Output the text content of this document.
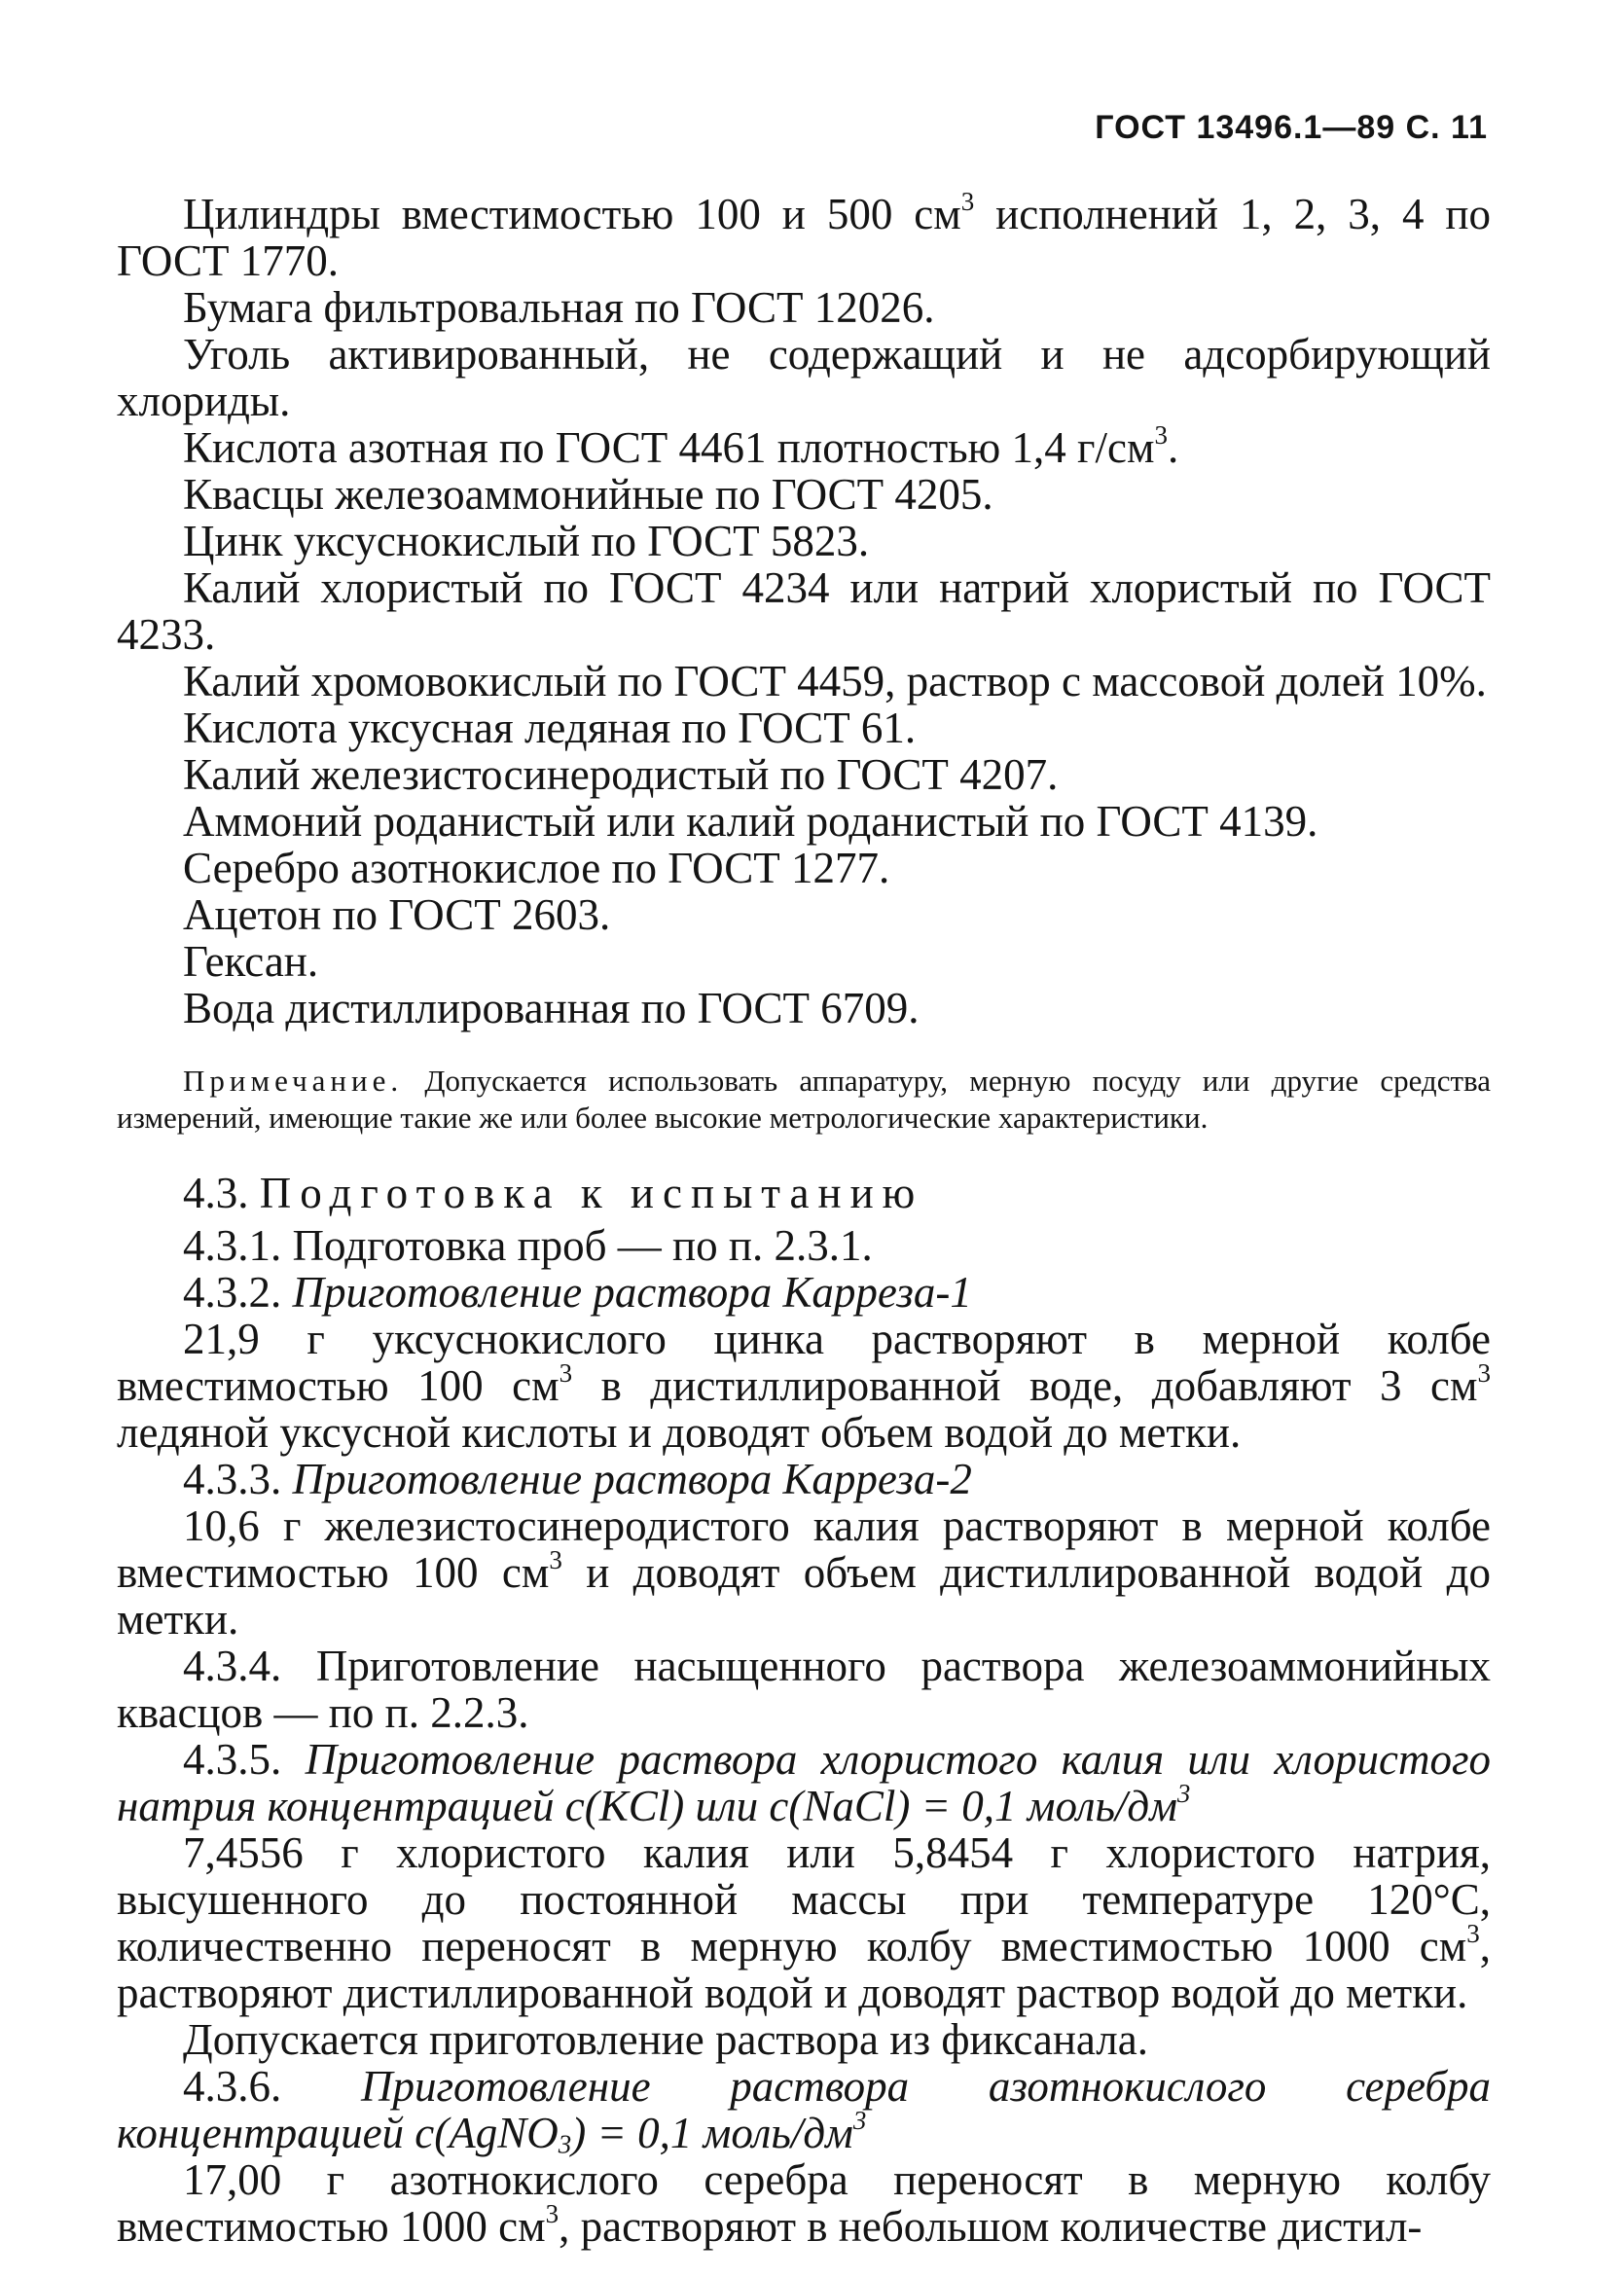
ГОСТ 13496.1—89 С. 11

Цилиндры вместимостью 100 и 500 $см^3$ исполнений 1, 2, 3, 4 по ГОСТ 1770.

Бумага фильтровальная по ГОСТ 12026.

Уголь активированный, не содержащий и не адсорбирующий хлориды.

Кислота азотная по ГОСТ 4461 плотностью 1,4 $г/см^3$.

Квасцы железоаммонийные по ГОСТ 4205.

Цинк уксуснокислый по ГОСТ 5823.

Калий хлористый по ГОСТ 4234 или натрий хлористый по ГОСТ 4233.

Калий хромовокислый по ГОСТ 4459, раствор с массовой долей 10%.

Кислота уксусная ледяная по ГОСТ 61.

Калий железистосинеродистый по ГОСТ 4207.

Аммоний роданистый или калий роданистый по ГОСТ 4139.

Серебро азотнокислое по ГОСТ 1277.

Ацетон по ГОСТ 2603.

Гексан.

Вода дистиллированная по ГОСТ 6709.

Примечание. Допускается использовать аппаратуру, мерную посуду или другие средства измерений, имеющие такие же или более высокие метрологические характеристики.

4.3. Подготовка к испытанию

4.3.1. Подготовка проб — по п. 2.3.1.

4.3.2. Приготовление раствора Карреза-1

21,9 г уксуснокислого цинка растворяют в мерной колбе вместимостью 100 $см^3$ в дистиллированной воде, добавляют 3 $см^3$ ледяной уксусной кислоты и доводят объем водой до метки.

4.3.3. Приготовление раствора Карреза-2

10,6 г железистосинеродистого калия растворяют в мерной колбе вместимостью 100 $см^3$ и доводят объем дистиллированной водой до метки.

4.3.4. Приготовление насыщенного раствора железоаммонийных квасцов — по п. 2.2.3.

4.3.5. Приготовление раствора хлористого калия или хлористого натрия концентрацией c(KCl) или c(NaCl) = 0,1 моль/$дм^3$

7,4556 г хлористого калия или 5,8454 г хлористого натрия, высушенного до постоянной массы при температуре 120°С, количественно переносят в мерную колбу вместимостью 1000 $см^3$, растворяют дистиллированной водой и доводят раствор водой до метки.

Допускается приготовление раствора из фиксанала.

4.3.6. Приготовление раствора азотнокислого серебра концентрацией c(AgNO$_3$) = 0,1 моль/$дм^3$

17,00 г азотнокислого серебра переносят в мерную колбу вместимостью 1000 $см^3$, растворяют в небольшом количестве дистил-
